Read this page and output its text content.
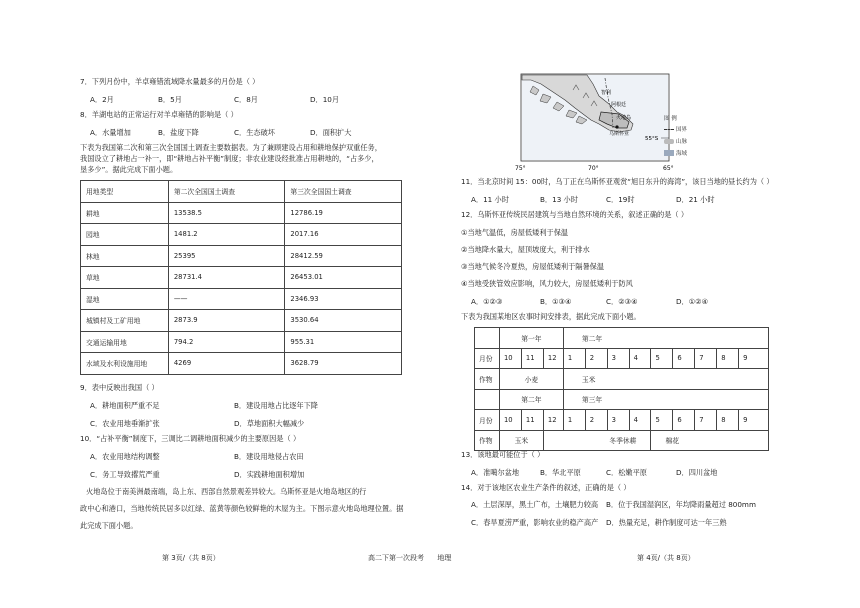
7．下列月份中，羊卓雍错流域降水量最多的月份是（ ）
A．2月	B．5月	C．8月	D．10月
8．羊湖电站的正常运行对羊卓雍错的影响是（ ）
A．水量增加	B．盐度下降	C．生态破坏	D．面积扩大
下表为我国第二次和第三次全国国土调查主要数据表。为了兼顾建设占用和耕地保护双重任务，
我国设立了耕地占一补一，即“耕地占补平衡”制度；非农业建设经批准占用耕地的，“占多少，
垦多少”。据此完成下面小题。
用地类型	第二次全国国土调查	第三次全国国土调查
耕地	13538.5	12786.19
园地	1481.2	2017.16
林地	25395	28412.59
草地	28731.4	26453.01
湿地	——	2346.93
城镇村及工矿用地	2873.9	3530.64
交通运输用地	794.2	955.31
水域及水利设施用地	4269	3628.79
9．表中反映出我国（ ）
A．耕地面积严重不足	B．建设用地占比逐年下降
C．农业用地垂渐扩张	D．草地面积大幅减少
10．“占补平衡”制度下，三调比二调耕地面积减少的主要原因是（ ）
A．农业用地结构调整	B．建设用地侵占农田
C．务工导致撂荒严重	D．实践耕地面积增加
火地岛位于南美洲最南端，岛上东、西部自然景观差异较大。乌斯怀亚是火地岛地区的行
政中心和港口，当地传统民居多以红绿、蓝黄等颜色较鲜艳的木屋为主。下图示意火地岛地理位置。据
此完成下面小题。
第 3页/（共 8页）	高二下第一次段考      地理
智利
阿根廷
火地岛
乌斯怀亚
55°S
75°	70°	65°
图 例
国界
山脉
海域
11．当北京时间 15：00时，乌丁正在乌斯怀亚观赏“旭日东升的海湾”，该日当地的昼长约为（ ）
A．11 小时	B．13 小时	C．19时	D．21 小时
12．乌斯怀亚传统民居建筑与当地自然环境的关系，叙述正确的是（ ）
①当地气温低，房屋低矮利于保温
②当地降水量大，屋顶坡度大，利于排水
③当地气候冬冷夏热，房屋低矮利于隔暑保温
④当地受狭管效应影响，风力较大，房屋低矮利于防风
A．①②③	B．①③④	C．②③④	D．①②④
下表为我国某地区农事时间安排表，据此完成下面小题。
	第一年			第二年								
月份	10	11	12	1	2	3	4	5	6	7	8	9
作物	小麦			玉米								
	第二年			第三年								
月份	10	11	12	1	2	3	4	5	6	7	8	9
作物	玉米		冬季休耕					棉花				
13．该地最可能位于（ ）
A．准噶尔盆地	B．华北平原	C．松嫩平原	D．四川盆地
14．对于该地区农业生产条件的叙述，正确的是（ ）
A．土层深厚，黑土广布，土壤肥力较高 B．位于我国湿润区，年均降雨量超过 800mm
C．春旱夏涝严重，影响农业的稳产高产 D．热量充足，耕作制度可达一年三熟
第 4页/（共 8页）
